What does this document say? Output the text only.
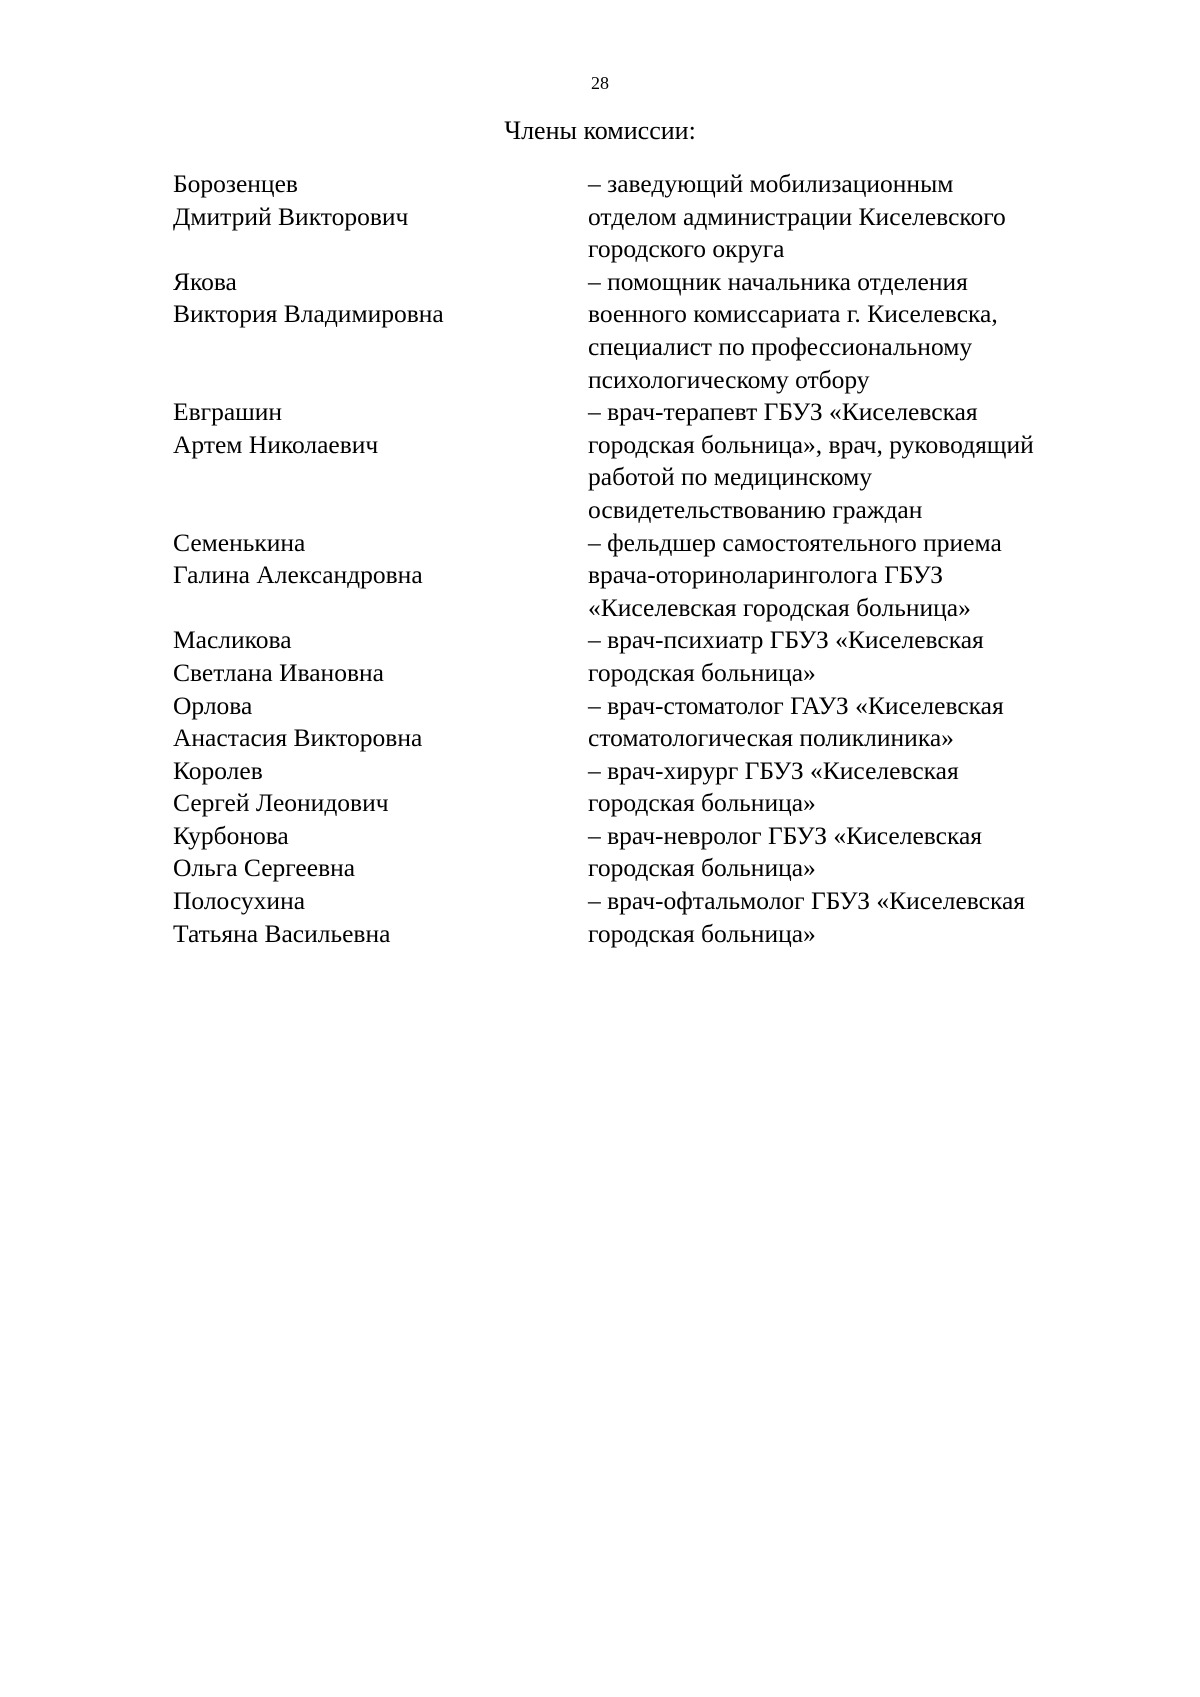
28
Члены комиссии:
Борозенцев
Дмитрий Викторович
– заведующий мобилизационным
отделом администрации Киселевского
городского округа
Якова
Виктория Владимировна
– помощник начальника отделения
военного комиссариата г. Киселевска,
специалист по профессиональному
психологическому отбору
Евграшин
Артем Николаевич
– врач-терапевт ГБУЗ «Киселевская
городская больница», врач, руководящий
работой по медицинскому
освидетельствованию граждан
Семенькина
Галина Александровна
– фельдшер самостоятельного приема
врача-оториноларинголога ГБУЗ
«Киселевская городская больница»
Масликова
Светлана Ивановна
– врач-психиатр ГБУЗ «Киселевская
городская больница»
Орлова
Анастасия Викторовна
– врач-стоматолог ГАУЗ «Киселевская
стоматологическая поликлиника»
Королев
Сергей Леонидович
– врач-хирург ГБУЗ «Киселевская
городская больница»
Курбонова
Ольга Сергеевна
– врач-невролог ГБУЗ «Киселевская
городская больница»
Полосухина
Татьяна Васильевна
– врач-офтальмолог ГБУЗ «Киселевская
городская больница»
